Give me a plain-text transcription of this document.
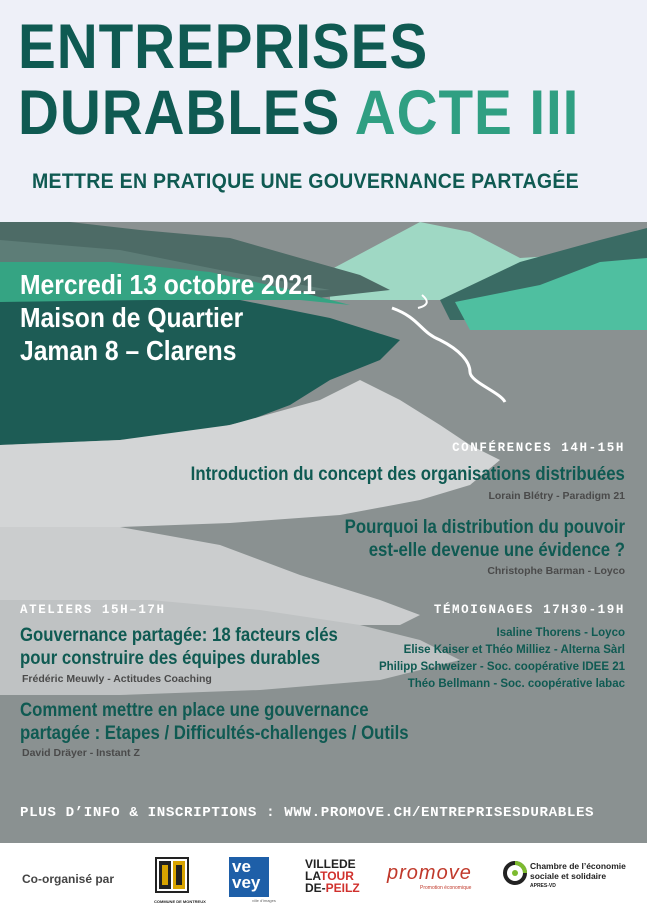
ENTREPRISES
DURABLES ACTE III
METTRE EN PRATIQUE UNE GOUVERNANCE PARTAGÉE
Mercredi 13 octobre 2021
Maison de Quartier
Jaman 8 – Clarens
CONFÉRENCES 14H-15H
Introduction du concept des organisations distribuées
Lorain Blétry - Paradigm 21
Pourquoi la distribution du pouvoir
est-elle devenue une évidence ?
Christophe Barman - Loyco
ATELIERS 15H–17H
Gouvernance partagée: 18 facteurs clés
pour construire des équipes durables
Frédéric Meuwly - Actitudes Coaching
Comment mettre en place une gouvernance
partagée : Etapes / Difficultés-challenges / Outils
David Dräyer - Instant Z
TÉMOIGNAGES 17H30-19H
Isaline Thorens - Loyco
Elise Kaiser et Théo Milliez - Alterna Sàrl
Philipp Schweizer - Soc. coopérative IDEE 21
Théo Bellmann - Soc. coopérative labac
PLUS D’INFO & INSCRIPTIONS : WWW.PROMOVE.CH/ENTREPRISESDURABLES
Co-organisé par
COMMUNE DE MONTREUX
ve
vey
ville d'images
VILLEDE
LATOUR
DE-PEILZ
promove
Promotion économique
Chambre de l’économie
sociale et solidaire
APRES-VD
